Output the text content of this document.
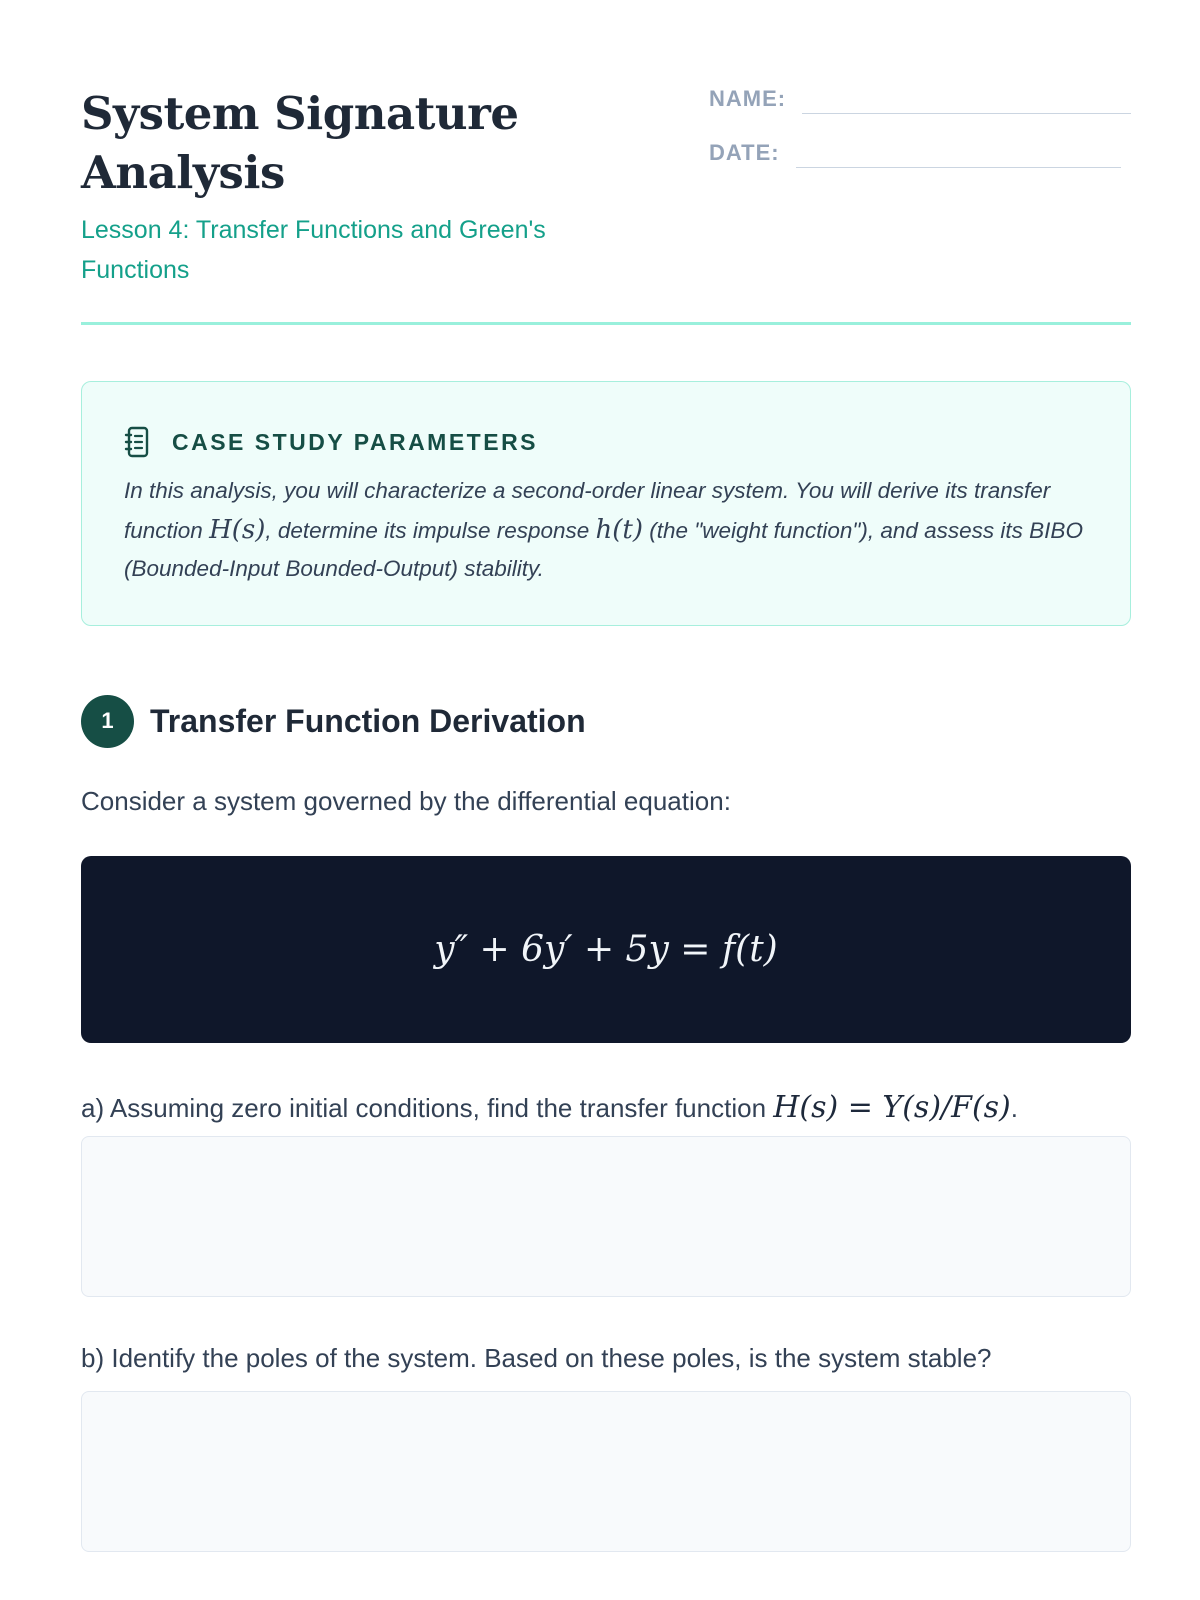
System Signature Analysis
Lesson 4: Transfer Functions and Green's Functions
NAME:
DATE:
CASE STUDY PARAMETERS

In this analysis, you will characterize a second-order linear system. You will derive its transfer function H(s), determine its impulse response h(t) (the "weight function"), and assess its BIBO (Bounded-Input Bounded-Output) stability.

1	Transfer Function Derivation

Consider a system governed by the differential equation:

y″ + 6y′ + 5y = f(t)

a) Assuming zero initial conditions, find the transfer function H(s) = Y(s)/F(s).

b) Identify the poles of the system. Based on these poles, is the system stable?
